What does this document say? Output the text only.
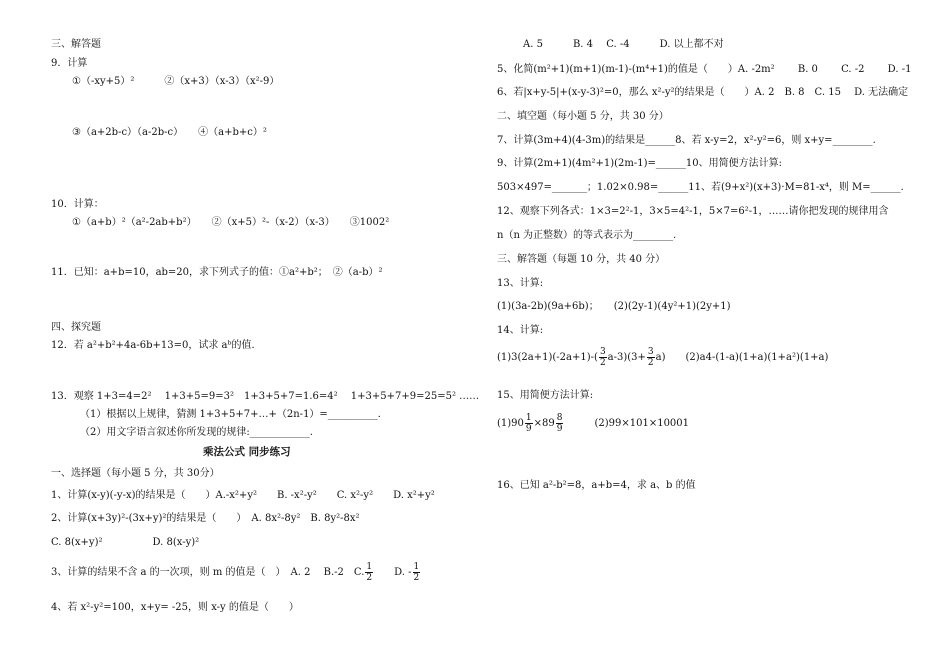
三、解答题
9．计算
①（-xy+5）²　　　②（x+3）（x-3）（x²-9）
③（a+2b-c）（a-2b-c）　　④（a+b+c）²
10．计算：
①（a+b）²（a²-2ab+b²）　　②（x+5）²-（x-2）（x-3）　　③1002²
11．已知：a+b=10，ab=20，求下列式子的值：①a²+b²；　②（a-b）²
四、探究题
12．若 a²+b²+4a-6b+13=0，试求 aᵇ的值．
13．观察 1+3=4=2²　 1+3+5=9=3²　1+3+5+7=1.6=4²　 1+3+5+7+9=25=5² ……
（1）根据以上规律，猜测 1+3+5+7+…+（2n-1）=__________．
（2）用文字语言叙述你所发现的规律:____________.
乘法公式 同步练习
一、选择题（每小题 5 分，共 30分）
1、计算(x-y)(-y-x)的结果是（　　）A.-x²+y²　　B. -x²-y²　　C. x²-y²　　D. x²+y²
2、计算(x+3y)²-(3x+y)²的结果是（　　）　A. 8x²-8y²　B. 8y²-8x²
C. 8(x+y)²　　　　　D. 8(x-y)²
3、计算的结果不含 a 的一次项，则 m 的值是（　）　A. 2 　B.-2　C. $\frac{1}{2}$
　　 D. - $\frac{1}{2}$
4、若 x²-y²=100，x+y= -25，则 x-y 的值是（　　）
A. 5　　　B. 4　 C. -4　　　D. 以上都不对
5、化简(m²+1)(m+1)(m-1)-(m⁴+1)的值是（　　）A. -2m²　　 B. 0　　 C. -2　　 D. -1
6、若|x+y-5|+(x-y-3)²=0，那么 x²-y²的结果是（　　）A. 2　B. 8　C. 15　 D. 无法确定
二、填空题（每小题 5 分，共 30 分）
7、计算(3m+4)(4-3m)的结果是______8、若 x-y=2，x²-y²=6，则 x+y=________.
9、计算(2m+1)(4m²+1)(2m-1)=______10、用简便方法计算:
503×497=_______；1.02×0.98=______11、若(9+x²)(x+3)·M=81-x⁴，则 M=______.
12、观察下列各式：1×3=2²-1，3×5=4²-1，5×7=6²-1，……请你把发现的规律用含
n（n 为正整数）的等式表示为________.
三、解答题（每题 10 分，共 40 分）
13、计算:
(1)(3a-2b)(9a+6b)；　　(2)(2y-1)(4y²+1)(2y+1)
14、计算:
$(1)3(2a+1)(-2a+1)-( \frac{3}{2} a-3)(3+ \frac{3}{2} a)$　　(2)a4-(1-a)(1+a)(1+a²)(1+a)
15、用简便方法计算:
$(1)90 \frac{1}{9} \times 89 \frac{8}{9}$ 　　　(2)99×101×10001
16、已知 a²-b²=8，a+b=4，求 a、b 的值
